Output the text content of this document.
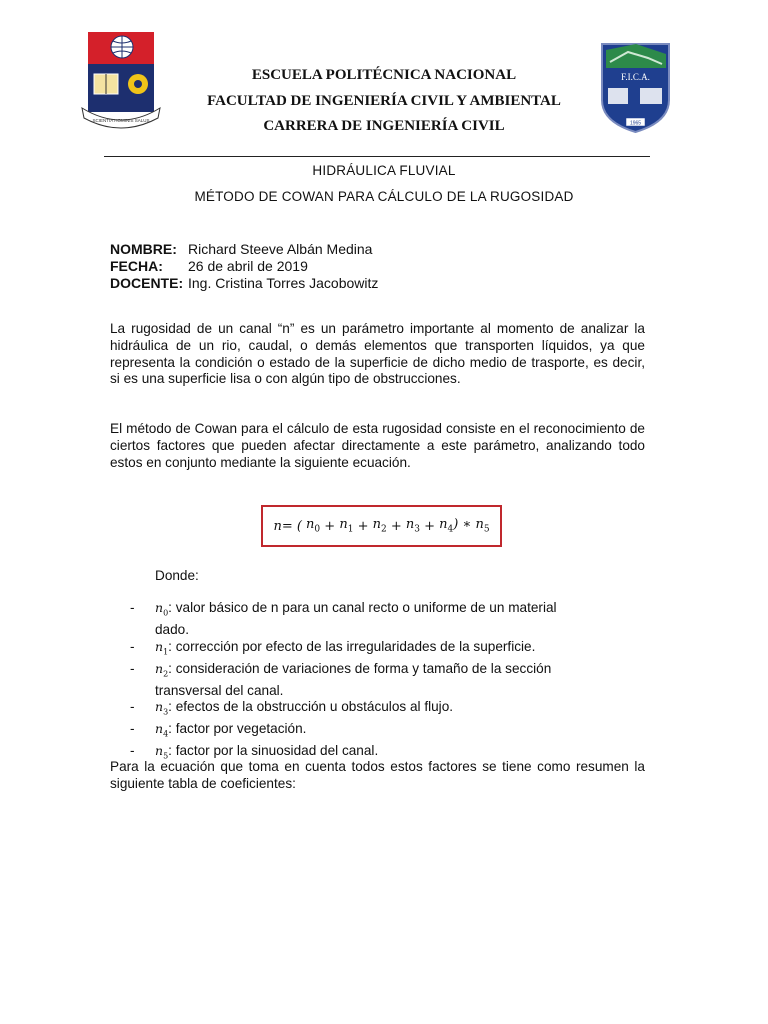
SCIENTIA HOMINIS SALUS
F.I.C.A.
1965
ESCUELA POLITÉCNICA NACIONAL
FACULTAD DE INGENIERÍA CIVIL Y AMBIENTAL
CARRERA DE INGENIERÍA CIVIL
HIDRÁULICA FLUVIAL
MÉTODO DE COWAN PARA CÁLCULO DE LA RUGOSIDAD
NOMBRE: Richard Steeve Albán Medina
FECHA: 26 de abril de 2019
DOCENTE: Ing. Cristina Torres Jacobowitz
La rugosidad de un canal “n” es un parámetro importante al momento de analizar la hidráulica de un rio, caudal, o demás elementos que transporten líquidos, ya que representa la condición o estado de la superficie de dicho medio de trasporte, es decir, si es una superficie lisa o con algún tipo de obstrucciones.
El método de Cowan para el cálculo de esta rugosidad consiste en el reconocimiento de ciertos factores que pueden afectar directamente a este parámetro, analizando todo estos en conjunto mediante la siguiente ecuación.
n = ( $n_0 + n_1 + n_2 + n_3 + n_4$ ) ∗ $n_5$
Donde:
- $n_0$: valor básico de n para un canal recto o uniforme de un material
dado.
- $n_1$: corrección por efecto de las irregularidades de la superficie.
- $n_2$: consideración de variaciones de forma y tamaño de la sección
transversal del canal.
- $n_3$: efectos de la obstrucción u obstáculos al flujo.
- $n_4$: factor por vegetación.
- $n_5$: factor por la sinuosidad del canal.
Para la ecuación que toma en cuenta todos estos factores se tiene como resumen la siguiente tabla de coeficientes:
